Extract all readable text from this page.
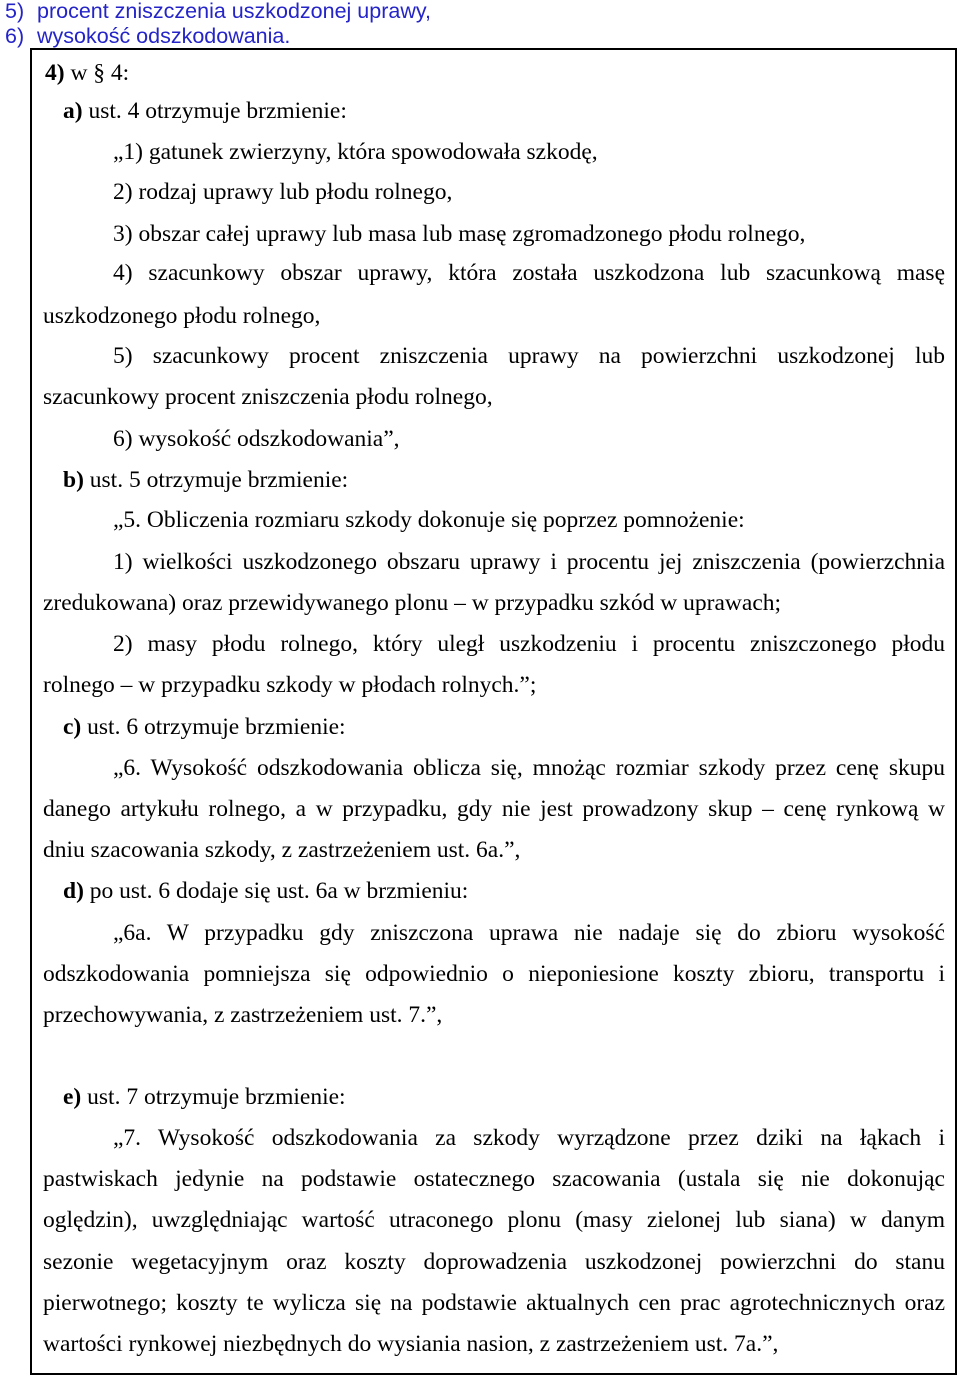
5) procent zniszczenia uszkodzonej uprawy,
6) wysokość odszkodowania.
4) w § 4:
a) ust. 4 otrzymuje brzmienie:
„1) gatunek zwierzyny, która spowodowała szkodę,
2) rodzaj uprawy lub płodu rolnego,
3) obszar całej uprawy lub masa lub masę zgromadzonego płodu rolnego,
4) szacunkowy obszar uprawy, która została uszkodzona lub szacunkową masę
uszkodzonego płodu rolnego,
5) szacunkowy procent zniszczenia uprawy na powierzchni uszkodzonej lub
szacunkowy procent zniszczenia płodu rolnego,
6) wysokość odszkodowania”,
b) ust. 5 otrzymuje brzmienie:
„5. Obliczenia rozmiaru szkody dokonuje się poprzez pomnożenie:
1) wielkości uszkodzonego obszaru uprawy i procentu jej zniszczenia (powierzchnia
zredukowana) oraz przewidywanego plonu – w przypadku szkód w uprawach;
2) masy płodu rolnego, który uległ uszkodzeniu i procentu zniszczonego płodu
rolnego – w przypadku szkody w płodach rolnych.”;
c) ust. 6 otrzymuje brzmienie:
„6. Wysokość odszkodowania oblicza się, mnożąc rozmiar szkody przez cenę skupu
danego artykułu rolnego, a w przypadku, gdy nie jest prowadzony skup – cenę rynkową w
dniu szacowania szkody, z zastrzeżeniem ust. 6a.”,
d) po ust. 6 dodaje się ust. 6a w brzmieniu:
„6a. W przypadku gdy zniszczona uprawa nie nadaje się do zbioru wysokość
odszkodowania pomniejsza się odpowiednio o nieponiesione koszty zbioru, transportu i
przechowywania, z zastrzeżeniem ust. 7.”,
e) ust. 7 otrzymuje brzmienie:
„7. Wysokość odszkodowania za szkody wyrządzone przez dziki na łąkach i
pastwiskach jedynie na podstawie ostatecznego szacowania (ustala się nie dokonując
oględzin), uwzględniając wartość utraconego plonu (masy zielonej lub siana) w danym
sezonie wegetacyjnym oraz koszty doprowadzenia uszkodzonej powierzchni do stanu
pierwotnego; koszty te wylicza się na podstawie aktualnych cen prac agrotechnicznych oraz
wartości rynkowej niezbędnych do wysiania nasion, z zastrzeżeniem ust. 7a.”,
